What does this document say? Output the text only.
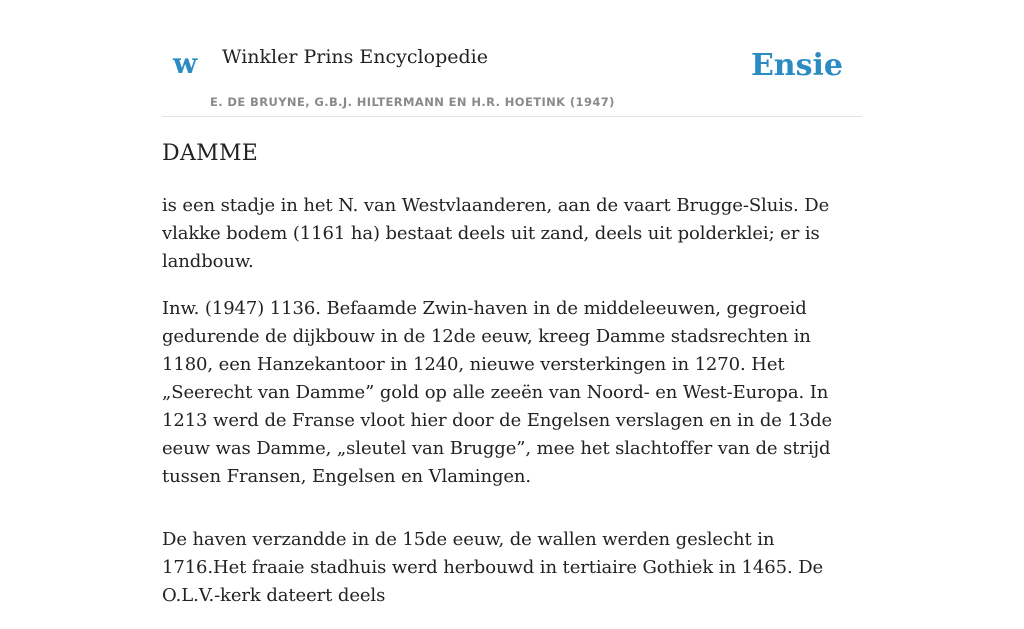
w Winkler Prins Encyclopedie
E. DE BRUYNE, G.B.J. HILTERMANN EN H.R. HOETINK (1947)
Ensie
DAMME

is een stadje in het N. van Westvlaanderen, aan de vaart Brugge-Sluis. De vlakke bodem (1161 ha) bestaat deels uit zand, deels uit polderklei; er is landbouw.

Inw. (1947) 1136. Befaamde Zwin-haven in de middeleeuwen, gegroeid gedurende de dijkbouw in de 12de eeuw, kreeg Damme stadsrechten in 1180, een Hanzekantoor in 1240, nieuwe versterkingen in 1270. Het „Seerecht van Damme” gold op alle zeeën van Noord- en West-Europa. In 1213 werd de Franse vloot hier door de Engelsen verslagen en in de 13de eeuw was Damme, „sleutel van Brugge”, mee het slachtoffer van de strijd tussen Fransen, Engelsen en Vlamingen.

De haven verzandde in de 15de eeuw, de wallen werden geslecht in 1716.Het fraaie stadhuis werd herbouwd in tertiaire Gothiek in 1465. De O.L.V.-kerk dateert deels
